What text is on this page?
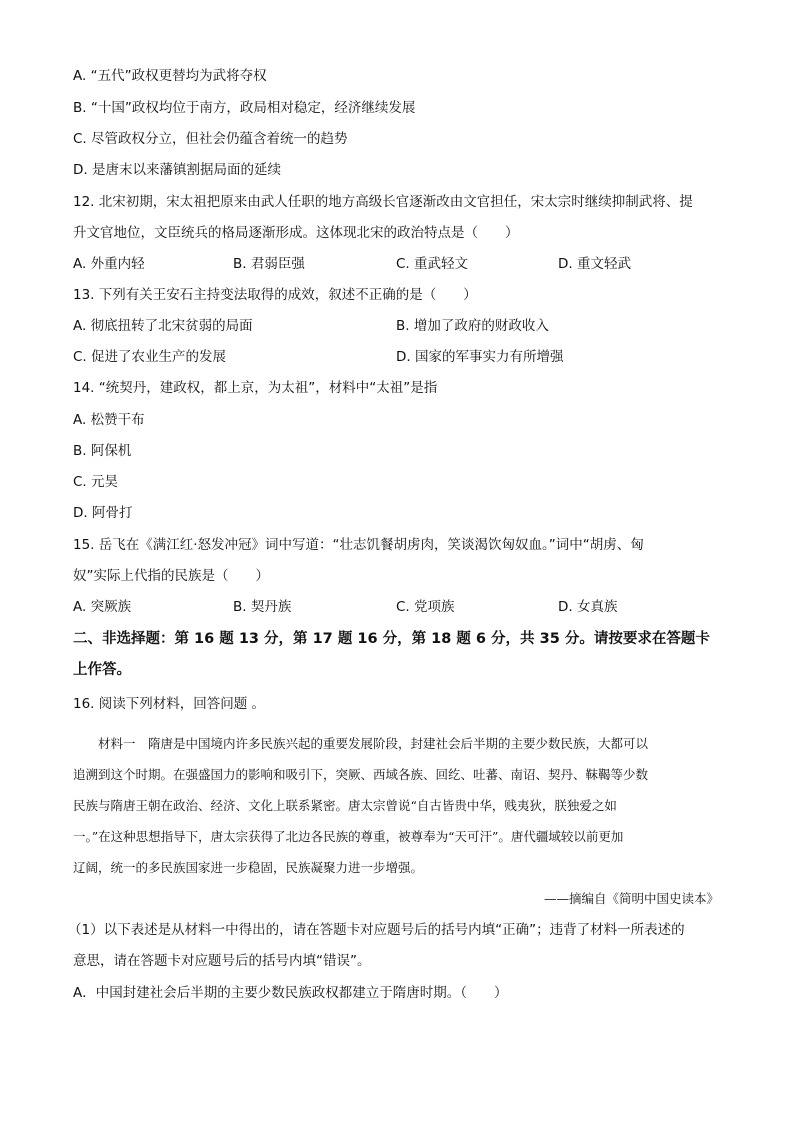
A. “五代”政权更替均为武将夺权
B. “十国”政权均位于南方，政局相对稳定，经济继续发展
C. 尽管政权分立，但社会仍蕴含着统一的趋势
D. 是唐末以来藩镇割据局面的延续
12. 北宋初期，宋太祖把原来由武人任职的地方高级长官逐渐改由文官担任，宋太宗时继续抑制武将、提
升文官地位，文臣统兵的格局逐渐形成。这体现北宋的政治特点是（　　）
A. 外重内轻	B. 君弱臣强	C. 重武轻文	D. 重文轻武
13. 下列有关王安石主持变法取得的成效，叙述不正确的是（　　）
A. 彻底扭转了北宋贫弱的局面	B. 增加了政府的财政收入
C. 促进了农业生产的发展	D. 国家的军事实力有所增强
14. “统契丹，建政权，都上京，为太祖”，材料中“太祖”是指
A. 松赞干布
B. 阿保机
C. 元昊
D. 阿骨打
15. 岳飞在《满江红·怒发冲冠》词中写道：“壮志饥餐胡虏肉，笑谈渴饮匈奴血。”词中“胡虏、匈
奴”实际上代指的民族是（　　）
A. 突厥族	B. 契丹族	C. 党项族	D. 女真族
二、非选择题：第 16 题 13 分，第 17 题 16 分，第 18 题 6 分，共 35 分。请按要求在答题卡
上作答。
16. 阅读下列材料，回答问题 。
　　材料一　隋唐是中国境内许多民族兴起的重要发展阶段，封建社会后半期的主要少数民族，大都可以
追溯到这个时期。在强盛国力的影响和吸引下，突厥、西域各族、回纥、吐蕃、南诏、契丹、靺鞨等少数
民族与隋唐王朝在政治、经济、文化上联系紧密。唐太宗曾说“自古皆贵中华，贱夷狄，朕独爱之如
一。”在这种思想指导下，唐太宗获得了北边各民族的尊重，被尊奉为“天可汗”。唐代疆域较以前更加
辽阔，统一的多民族国家进一步稳固，民族凝聚力进一步增强。
——摘编自《简明中国史读本》
（1）以下表述是从材料一中得出的，请在答题卡对应题号后的括号内填“正确”；违背了材料一所表述的
意思，请在答题卡对应题号后的括号内填“错误”。
A．中国封建社会后半期的主要少数民族政权都建立于隋唐时期。（　　）
